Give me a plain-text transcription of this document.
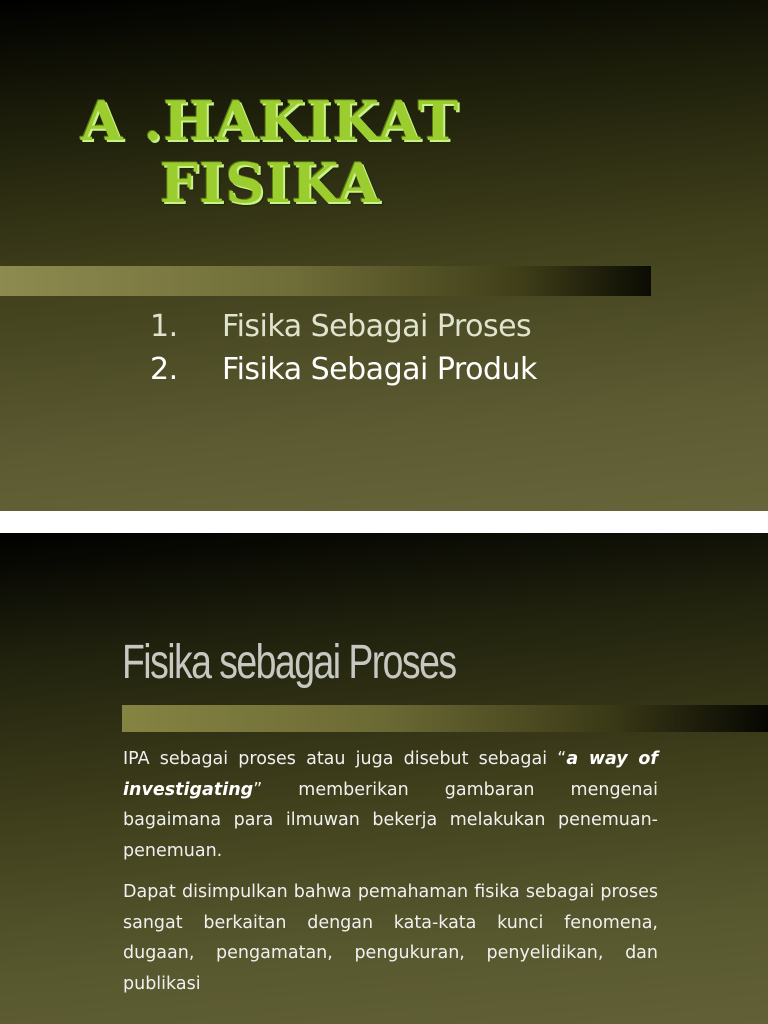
A .HAKIKAT
FISIKA
1.	Fisika Sebagai Proses
2.	Fisika Sebagai Produk
Fisika sebagai Proses

IPA sebagai proses atau juga disebut sebagai “a way of investigating” memberikan gambaran mengenai bagaimana para ilmuwan bekerja melakukan penemuan-penemuan.

Dapat disimpulkan bahwa pemahaman fisika sebagai proses sangat berkaitan dengan kata-kata kunci fenomena, dugaan, pengamatan, pengukuran, penyelidikan, dan publikasi
